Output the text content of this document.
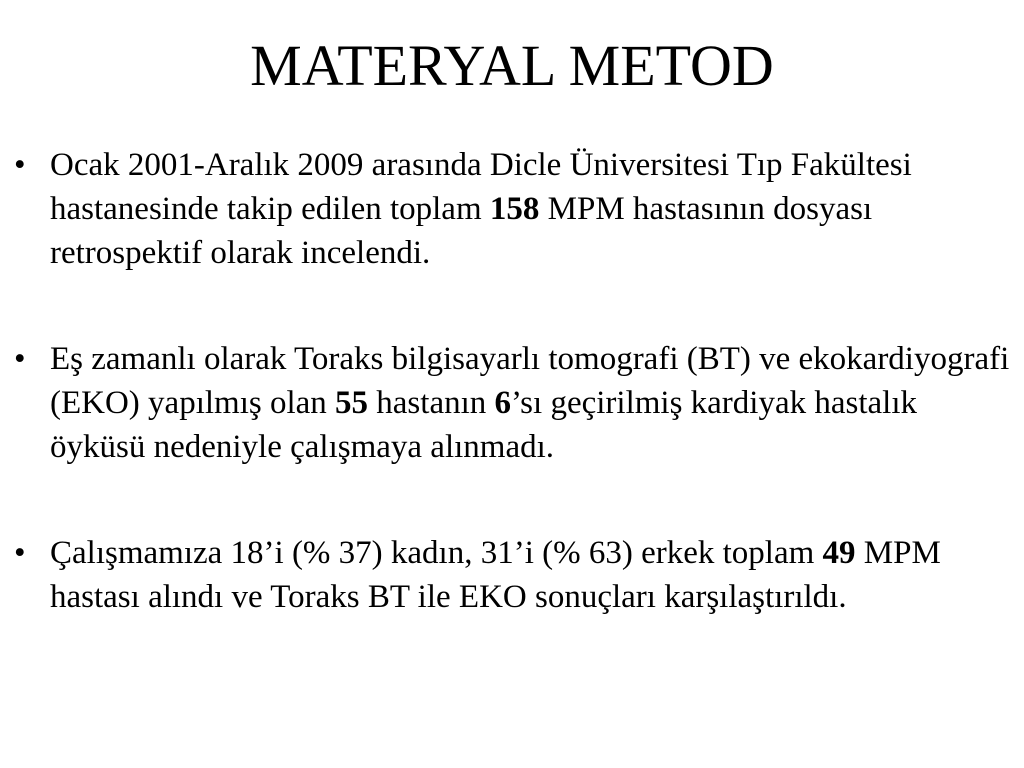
MATERYAL METOD
• Ocak 2001-Aralık 2009 arasında Dicle Üniversitesi Tıp Fakültesi hastanesinde takip edilen toplam 158 MPM hastasının dosyası retrospektif olarak incelendi.
• Eş zamanlı olarak Toraks bilgisayarlı tomografi (BT) ve ekokardiyografi (EKO) yapılmış olan 55 hastanın 6’sı geçirilmiş kardiyak hastalık öyküsü nedeniyle çalışmaya alınmadı.
• Çalışmamıza 18’i (% 37) kadın, 31’i (% 63) erkek toplam 49 MPM hastası alındı ve Toraks BT ile EKO sonuçları karşılaştırıldı.
